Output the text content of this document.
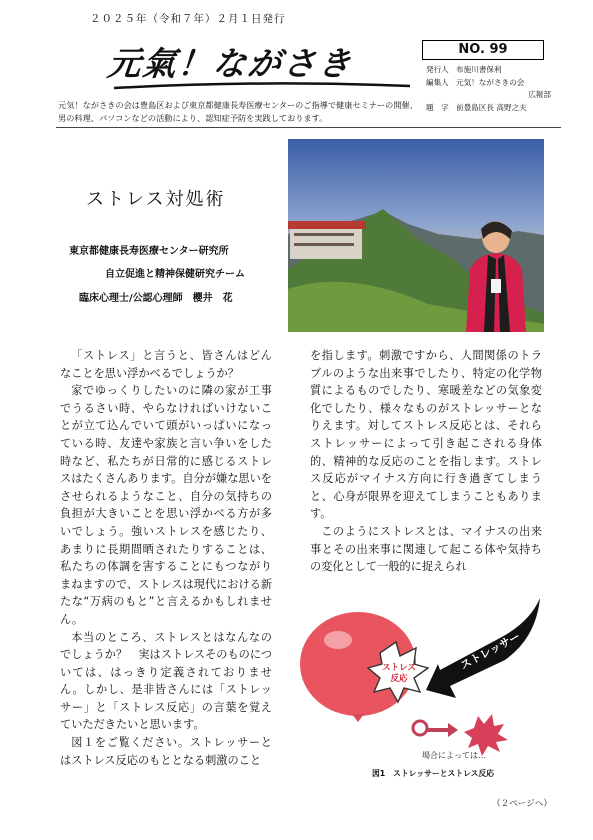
２０２５年（令和７年）２月１日発行
元氣！ながさき	NO. 99
発行人 布施川書保利
編集人 元気！ながさきの会
広報部
題　字 前豊島区長 高野之夫
元気！ながさきの会は豊島区および東京都健康長寿医療センターのご指導で健康セミナーの開催、男の料理、パソコンなどの活動により、認知症予防を実践しております。
ストレス対処術
東京都健康長寿医療センター研究所
自立促進と精神保健研究チーム
臨床心理士/公認心理師　櫻井　花

「ストレス」と言うと、皆さんはどんなことを思い浮かべるでしょうか？

家でゆっくりしたいのに隣の家が工事でうるさい時、やらなければいけないことが立て込んでいて頭がいっぱいになっている時、友達や家族と言い争いをした時など、私たちが日常的に感じるストレスはたくさんあります。自分が嫌な思いをさせられるようなこと、自分の気持ちの負担が大きいことを思い浮かべる方が多いでしょう。強いストレスを感じたり、あまりに長期間晒されたりすることは、私たちの体調を害することにもつながりまねますので、ストレスは現代における新たな“万病のもと”と言えるかもしれません。

本当のところ、ストレスとはなんなのでしょうか？　実はストレスそのものについては、はっきり定義されておりません。しかし、是非皆さんには「ストレッサー」と「ストレス反応」の言葉を覚えていただきたいと思います。

図１をご覧ください。ストレッサーとはストレス反応のもととなる刺激のこと

を指します。刺激ですから、人間関係のトラブルのような出来事でしたり、特定の化学物質によるものでしたり、寒暖差などの気象変化でしたり、様々なものがストレッサーとなりえます。対してストレス反応とは、それらストレッサーによって引き起こされる身体的、精神的な反応のことを指します。ストレス反応がマイナス方向に行き過ぎてしまうと、心身が限界を迎えてしまうこともあります。

このようにストレスとは、マイナスの出来事とその出来事に関連して起こる体や気持ちの変化として一般的に捉えられ

ストレス
反応
ストレッサー
場合によっては…
図1　ストレッサーとストレス反応
（２ページへ）
